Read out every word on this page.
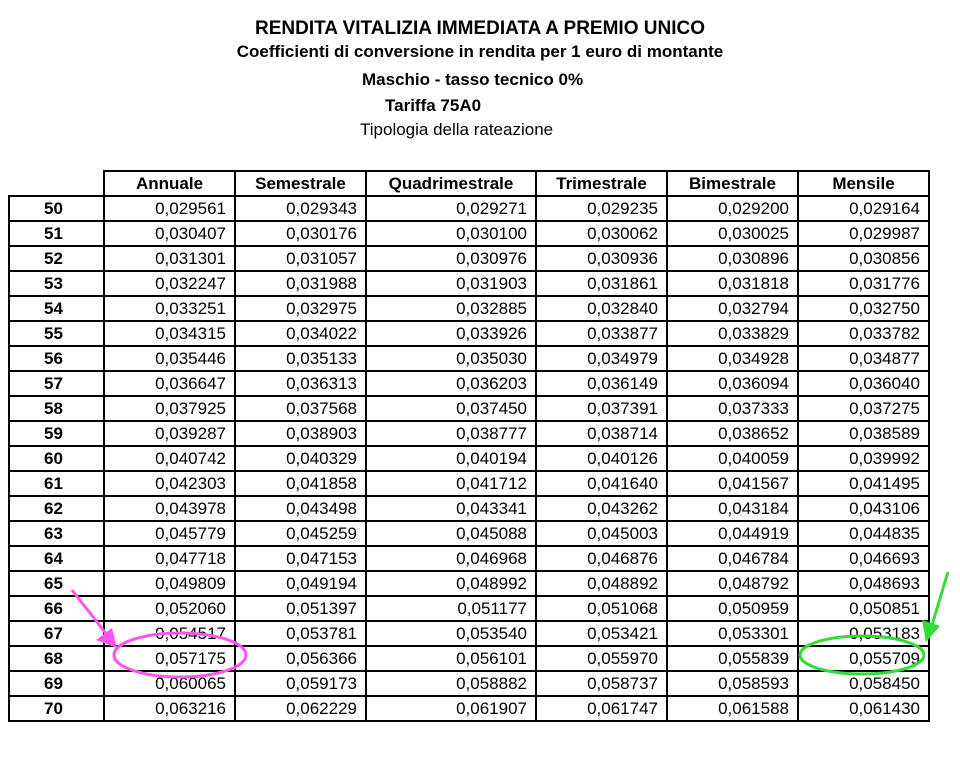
RENDITA VITALIZIA IMMEDIATA A PREMIO UNICO
Coefficienti di conversione in rendita per 1 euro di montante
Maschio - tasso tecnico 0%
Tariffa 75A0
Tipologia della rateazione
	Annuale	Semestrale	Quadrimestrale	Trimestrale	Bimestrale	Mensile
50	0,029561	0,029343	0,029271	0,029235	0,029200	0,029164
51	0,030407	0,030176	0,030100	0,030062	0,030025	0,029987
52	0,031301	0,031057	0,030976	0,030936	0,030896	0,030856
53	0,032247	0,031988	0,031903	0,031861	0,031818	0,031776
54	0,033251	0,032975	0,032885	0,032840	0,032794	0,032750
55	0,034315	0,034022	0,033926	0,033877	0,033829	0,033782
56	0,035446	0,035133	0,035030	0,034979	0,034928	0,034877
57	0,036647	0,036313	0,036203	0,036149	0,036094	0,036040
58	0,037925	0,037568	0,037450	0,037391	0,037333	0,037275
59	0,039287	0,038903	0,038777	0,038714	0,038652	0,038589
60	0,040742	0,040329	0,040194	0,040126	0,040059	0,039992
61	0,042303	0,041858	0,041712	0,041640	0,041567	0,041495
62	0,043978	0,043498	0,043341	0,043262	0,043184	0,043106
63	0,045779	0,045259	0,045088	0,045003	0,044919	0,044835
64	0,047718	0,047153	0,046968	0,046876	0,046784	0,046693
65	0,049809	0,049194	0,048992	0,048892	0,048792	0,048693
66	0,052060	0,051397	0,051177	0,051068	0,050959	0,050851
67	0,054517	0,053781	0,053540	0,053421	0,053301	0,053183
68	0,057175	0,056366	0,056101	0,055970	0,055839	0,055709
69	0,060065	0,059173	0,058882	0,058737	0,058593	0,058450
70	0,063216	0,062229	0,061907	0,061747	0,061588	0,061430
